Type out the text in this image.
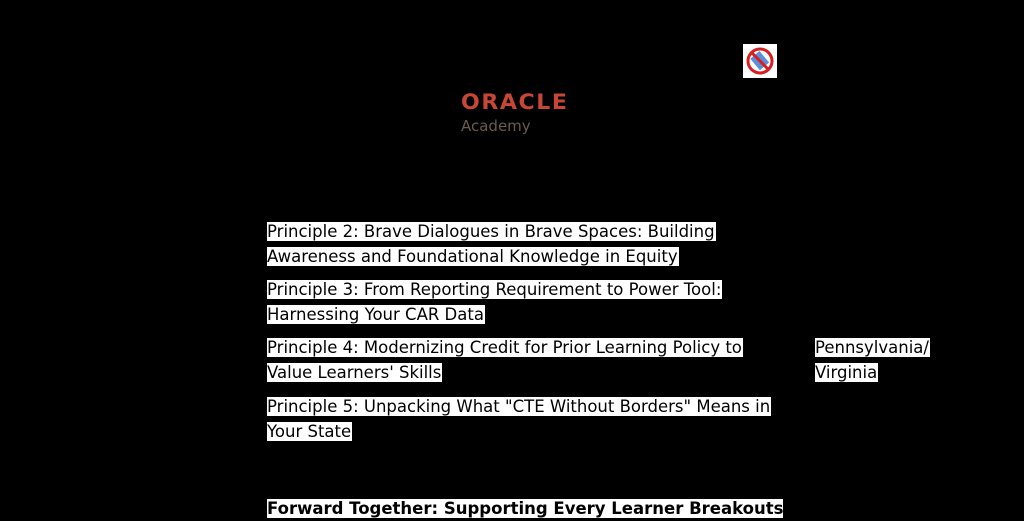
ORACLE
Academy
Principle 2: Brave Dialogues in Brave Spaces: Building
Awareness and Foundational Knowledge in Equity
Principle 3: From Reporting Requirement to Power Tool:
Harnessing Your CAR Data
Principle 4: Modernizing Credit for Prior Learning Policy to
Value Learners' Skills
Principle 5: Unpacking What "CTE Without Borders" Means in
Your State
Pennsylvania/
Virginia
Forward Together: Supporting Every Learner Breakouts
